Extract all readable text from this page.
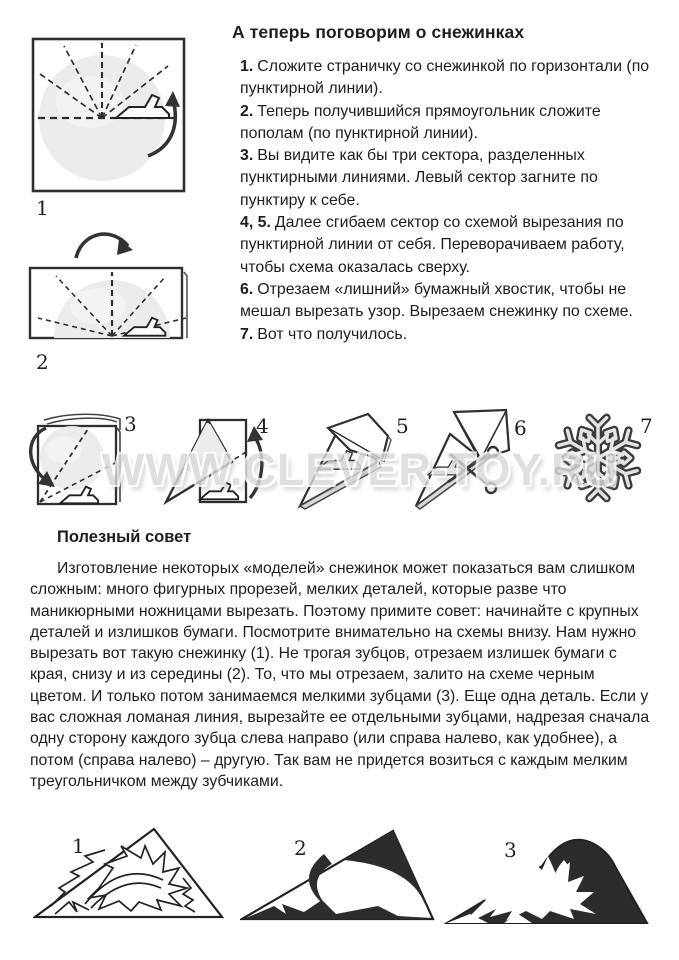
А теперь поговорим о снежинках

1. Сложите страничку со снежинкой по горизонтали (по пунктирной линии).

2. Теперь получившийся прямоугольник сложите пополам (по пунктирной линии).

3. Вы видите как бы три сектора, разделенных пунктирными линиями. Левый сектор загните по пунктиру к себе.

4, 5. Далее сгибаем сектор со схемой вырезания по пунктирной линии от себя. Переворачиваем работу, чтобы схема оказалась сверху.

6. Отрезаем «лишний» бумажный хвостик, чтобы не мешал вырезать узор. Вырезаем снежинку по схеме.

7. Вот что получилось.

1
2
3	4	5	6	7
WWW.CLEVER-TOY.RU
Полезный совет
Изготовление некоторых «моделей» снежинок может показаться вам слишком сложным: много фигурных прорезей, мелких деталей, которые разве что маникюрными ножницами вырезать. Поэтому примите совет: начинайте с крупных деталей и излишков бумаги. Посмотрите внимательно на схемы внизу. Нам нужно вырезать вот такую снежинку (1). Не трогая зубцов, отрезаем излишек бумаги с края, снизу и из середины (2). То, что мы отрезаем, залито на схеме черным цветом. И только потом занимаемся мелкими зубцами (3). Еще одна деталь. Если у вас сложная ломаная линия, вырезайте ее отдельными зубцами, надрезая сначала одну сторону каждого зубца слева направо (или справа налево, как удобнее), а потом (справа налево) – другую. Так вам не придется возиться с каждым мелким треугольничком между зубчиками.
1	2	3
